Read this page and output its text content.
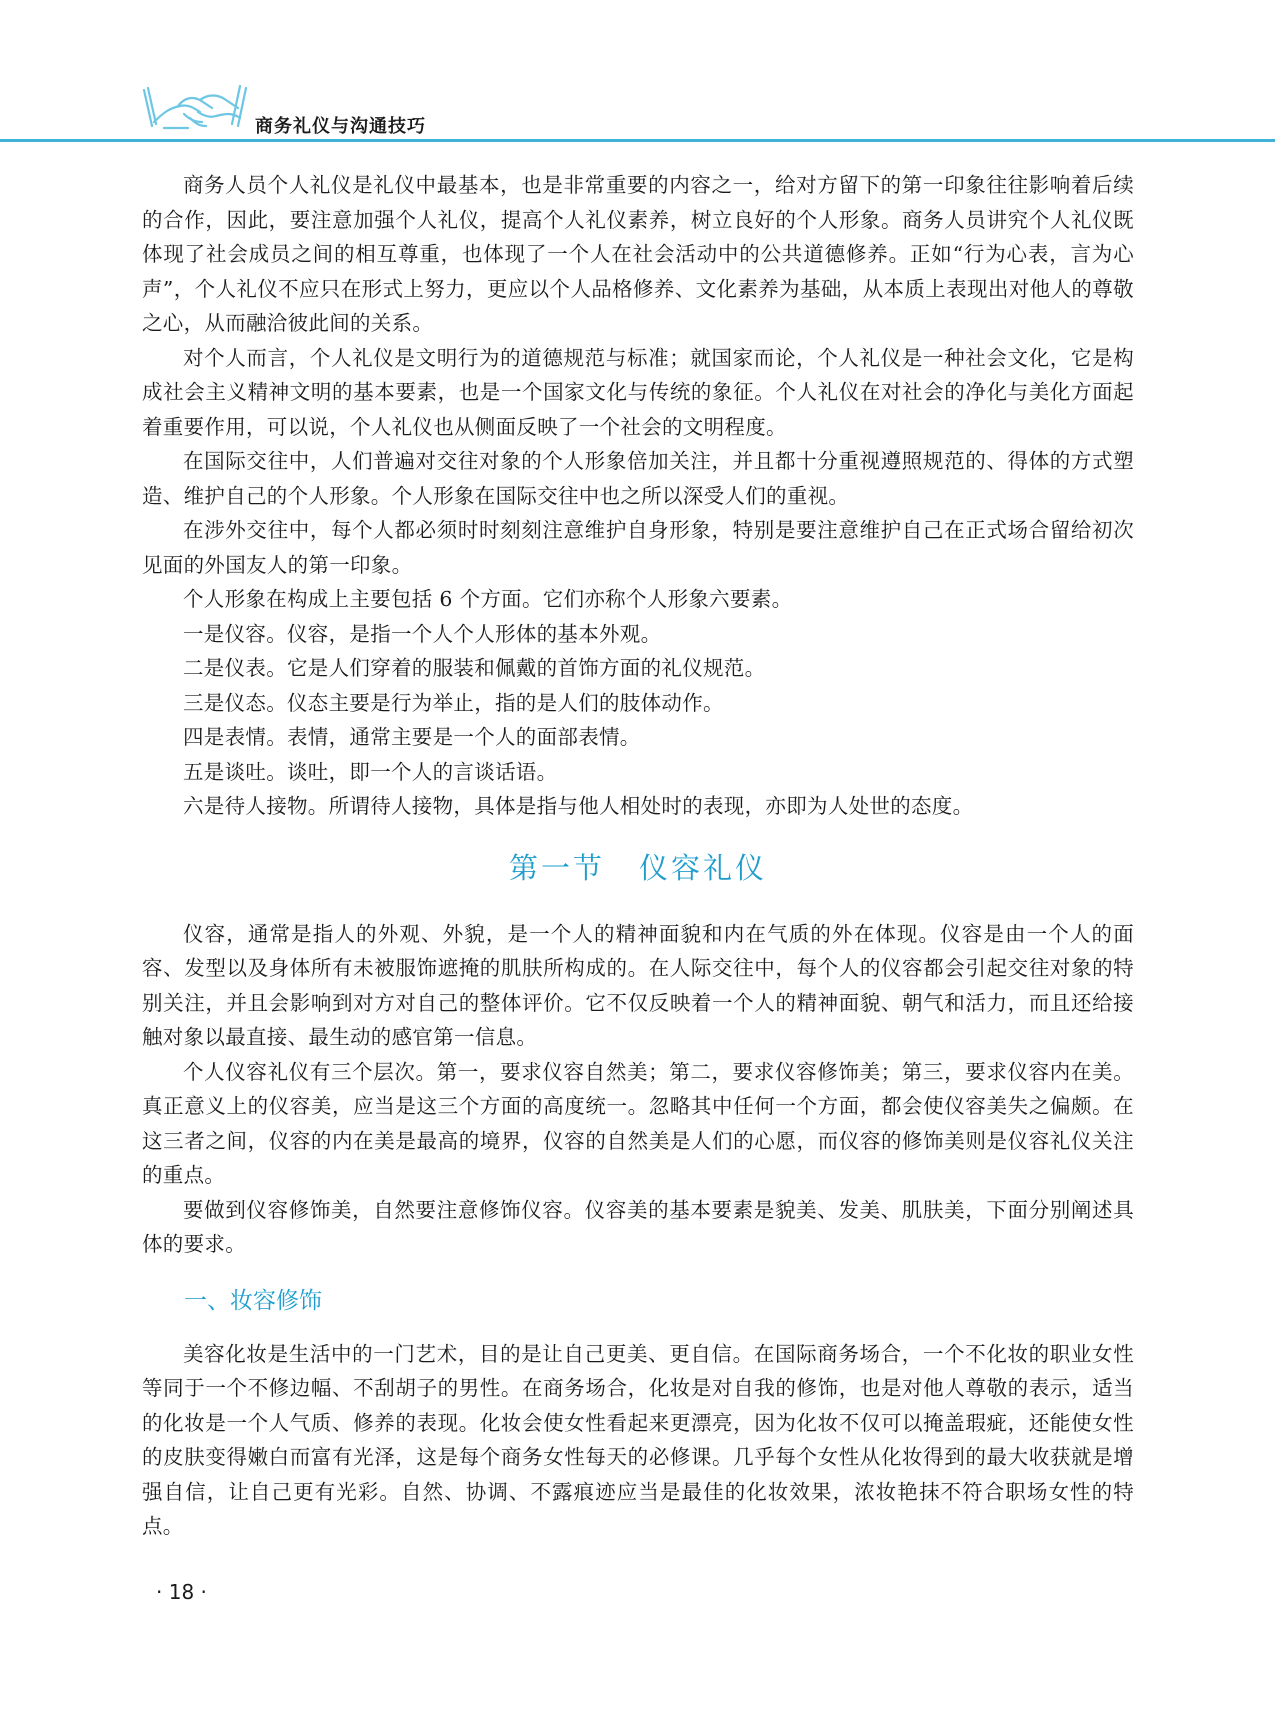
商务礼仪与沟通技巧

商务人员个人礼仪是礼仪中最基本，也是非常重要的内容之一，给对方留下的第一印象往往影响着后续的合作，因此，要注意加强个人礼仪，提高个人礼仪素养，树立良好的个人形象。商务人员讲究个人礼仪既体现了社会成员之间的相互尊重，也体现了一个人在社会活动中的公共道德修养。正如“行为心表，言为心声”，个人礼仪不应只在形式上努力，更应以个人品格修养、文化素养为基础，从本质上表现出对他人的尊敬之心，从而融洽彼此间的关系。

对个人而言，个人礼仪是文明行为的道德规范与标准；就国家而论，个人礼仪是一种社会文化，它是构成社会主义精神文明的基本要素，也是一个国家文化与传统的象征。个人礼仪在对社会的净化与美化方面起着重要作用，可以说，个人礼仪也从侧面反映了一个社会的文明程度。

在国际交往中，人们普遍对交往对象的个人形象倍加关注，并且都十分重视遵照规范的、得体的方式塑造、维护自己的个人形象。个人形象在国际交往中也之所以深受人们的重视。

在涉外交往中，每个人都必须时时刻刻注意维护自身形象，特别是要注意维护自己在正式场合留给初次见面的外国友人的第一印象。

个人形象在构成上主要包括 6 个方面。它们亦称个人形象六要素。

一是仪容。仪容，是指一个人个人形体的基本外观。

二是仪表。它是人们穿着的服装和佩戴的首饰方面的礼仪规范。

三是仪态。仪态主要是行为举止，指的是人们的肢体动作。

四是表情。表情，通常主要是一个人的面部表情。

五是谈吐。谈吐，即一个人的言谈话语。

六是待人接物。所谓待人接物，具体是指与他人相处时的表现，亦即为人处世的态度。

第一节 仪容礼仪

仪容，通常是指人的外观、外貌，是一个人的精神面貌和内在气质的外在体现。仪容是由一个人的面容、发型以及身体所有未被服饰遮掩的肌肤所构成的。在人际交往中，每个人的仪容都会引起交往对象的特别关注，并且会影响到对方对自己的整体评价。它不仅反映着一个人的精神面貌、朝气和活力，而且还给接触对象以最直接、最生动的感官第一信息。

个人仪容礼仪有三个层次。第一，要求仪容自然美；第二，要求仪容修饰美；第三，要求仪容内在美。真正意义上的仪容美，应当是这三个方面的高度统一。忽略其中任何一个方面，都会使仪容美失之偏颇。在这三者之间，仪容的内在美是最高的境界，仪容的自然美是人们的心愿，而仪容的修饰美则是仪容礼仪关注的重点。

要做到仪容修饰美，自然要注意修饰仪容。仪容美的基本要素是貌美、发美、肌肤美，下面分别阐述具体的要求。

一、妆容修饰

美容化妆是生活中的一门艺术，目的是让自己更美、更自信。在国际商务场合，一个不化妆的职业女性等同于一个不修边幅、不刮胡子的男性。在商务场合，化妆是对自我的修饰，也是对他人尊敬的表示，适当的化妆是一个人气质、修养的表现。化妆会使女性看起来更漂亮，因为化妆不仅可以掩盖瑕疵，还能使女性的皮肤变得嫩白而富有光泽，这是每个商务女性每天的必修课。几乎每个女性从化妆得到的最大收获就是增强自信，让自己更有光彩。自然、协调、不露痕迹应当是最佳的化妆效果，浓妆艳抹不符合职场女性的特点。

· 18 ·
